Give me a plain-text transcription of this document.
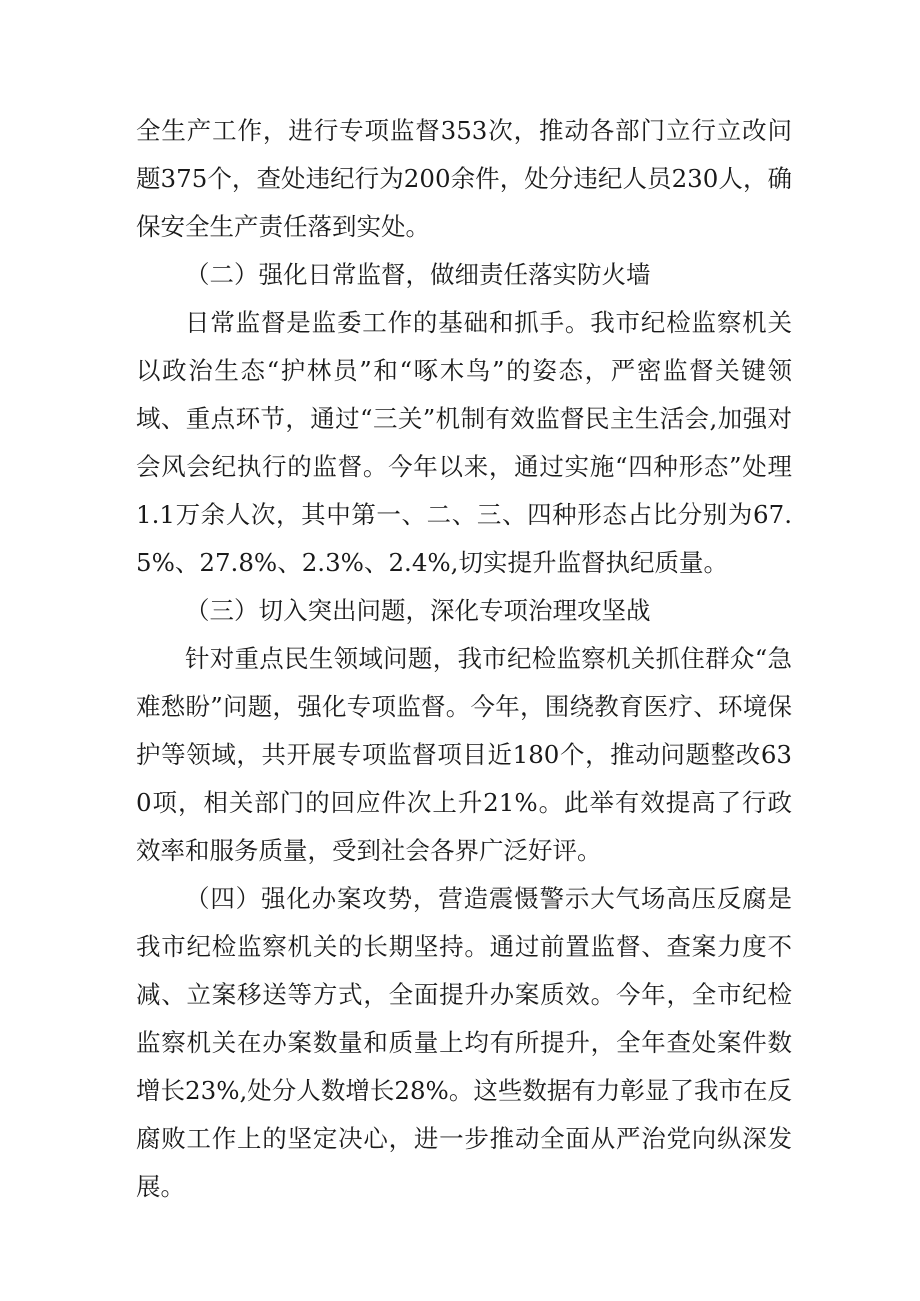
全生产工作，进行专项监督353次，推动各部门立行立改问题375个，查处违纪行为200余件，处分违纪人员230人，确保安全生产责任落到实处。

（二）强化日常监督，做细责任落实防火墙

日常监督是监委工作的基础和抓手。我市纪检监察机关以政治生态“护林员”和“啄木鸟”的姿态，严密监督关键领域、重点环节，通过“三关”机制有效监督民主生活会,加强对会风会纪执行的监督。今年以来，通过实施“四种形态”处理1.1万余人次，其中第一、二、三、四种形态占比分别为67.5%、27.8%、2.3%、2.4%,切实提升监督执纪质量。

（三）切入突出问题，深化专项治理攻坚战

针对重点民生领域问题，我市纪检监察机关抓住群众“急难愁盼”问题，强化专项监督。今年，围绕教育医疗、环境保护等领域，共开展专项监督项目近180个，推动问题整改630项，相关部门的回应件次上升21%。此举有效提高了行政效率和服务质量，受到社会各界广泛好评。

（四）强化办案攻势，营造震慑警示大气场高压反腐是我市纪检监察机关的长期坚持。通过前置监督、查案力度不减、立案移送等方式，全面提升办案质效。今年，全市纪检监察机关在办案数量和质量上均有所提升，全年查处案件数增长23%,处分人数增长28%。这些数据有力彰显了我市在反腐败工作上的坚定决心，进一步推动全面从严治党向纵深发展。
